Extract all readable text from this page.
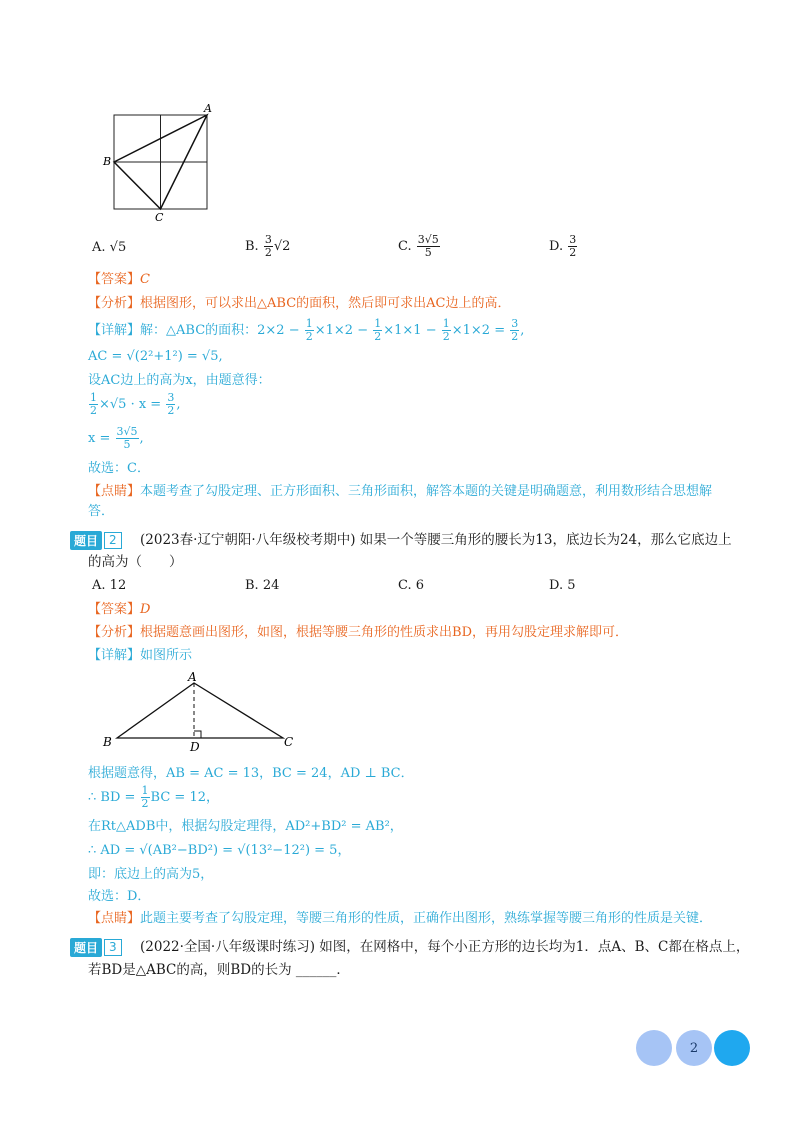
A
B
C
A. √5	B. $\frac{3}{2} √2$	C. $\frac{3√5}{5}$	D. $\frac{3}{2}$
【答案】C
【分析】根据图形，可以求出△ABC的面积，然后即可求出AC边上的高．
【详解】解：△ABC的面积：$2\times 2 - \frac{1}{2} \times 1\times 2 - \frac{1}{2} \times 1\times 1 - \frac{1}{2} \times 1\times 2 = \frac{3}{2}$ ,
AC = √(2²+1²) = √5,
设AC边上的高为x，由题意得：
$\frac{1}{2} \times√5 \cdot x = \frac{3}{2}$ ,
$x = \frac{3√5}{5}$ ,
故选：C．
【点睛】本题考查了勾股定理、正方形面积、三角形面积，解答本题的关键是明确题意，利用数形结合思想解
答．
题目 2	(2023春·辽宁朝阳·八年级校考期中) 如果一个等腰三角形的腰长为13，底边长为24，那么它底边上
的高为（　　）
A. 12	B. 24	C. 6	D. 5
【答案】D
【分析】根据题意画出图形，如图，根据等腰三角形的性质求出BD，再用勾股定理求解即可．
【详解】如图所示
A
B	C
D
根据题意得，AB = AC = 13，BC = 24，AD ⊥ BC．
∴ BD = $\frac{1}{2}$ BC = 12，
在Rt△ADB中，根据勾股定理得，AD²+BD² = AB²，
∴ AD = √(AB²−BD²) = √(13²−12²) = 5，
即：底边上的高为5，
故选：D．
【点睛】此题主要考查了勾股定理，等腰三角形的性质，正确作出图形，熟练掌握等腰三角形的性质是关键．
题目 3	(2022·全国·八年级课时练习) 如图，在网格中，每个小正方形的边长均为1．点A、B、C都在格点上，
若BD是△ABC的高，则BD的长为 ______．
2
